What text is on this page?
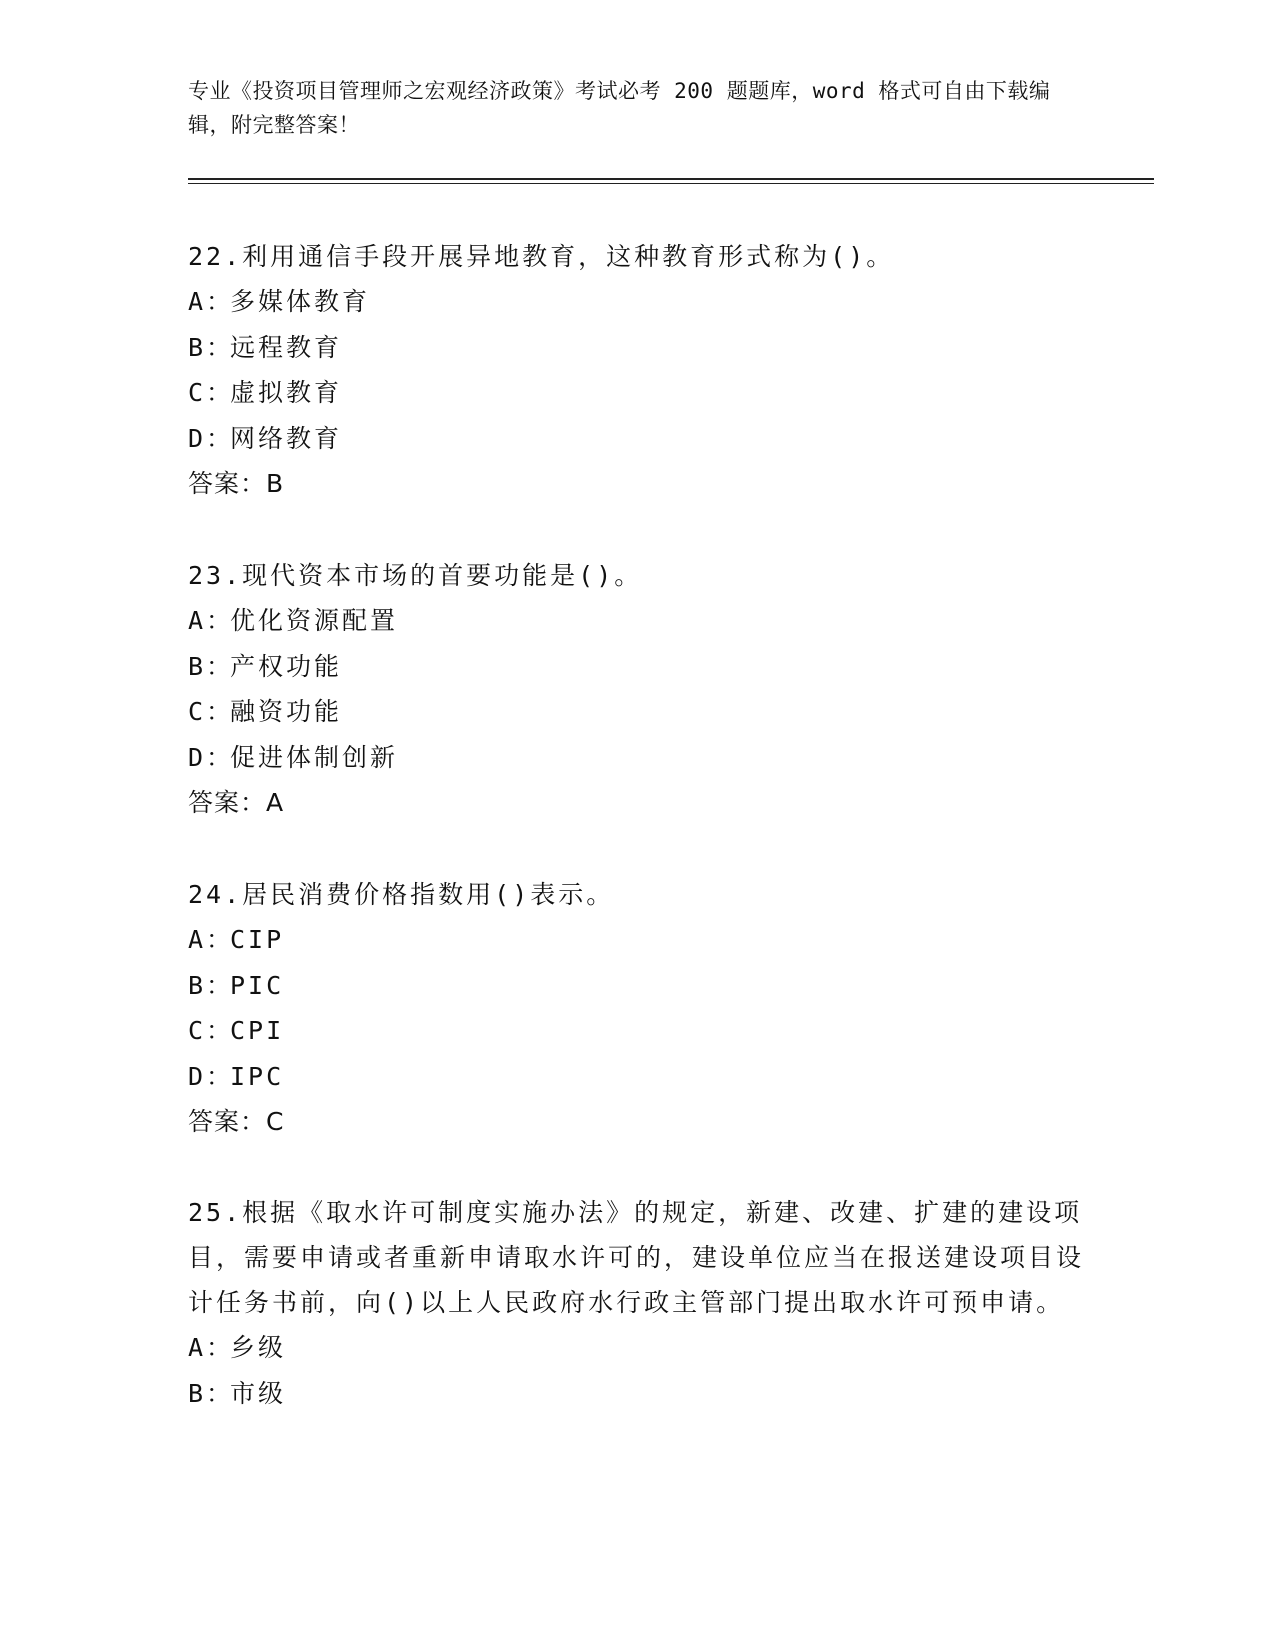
专业《投资项目管理师之宏观经济政策》考试必考 200 题题库，word 格式可自由下载编辑，附完整答案！
22.利用通信手段开展异地教育，这种教育形式称为()。
A：多媒体教育
B：远程教育
C：虚拟教育
D：网络教育
答案：B
23.现代资本市场的首要功能是()。
A：优化资源配置
B：产权功能
C：融资功能
D：促进体制创新
答案：A
24.居民消费价格指数用()表示。
A：CIP
B：PIC
C：CPI
D：IPC
答案：C
25.根据《取水许可制度实施办法》的规定，新建、改建、扩建的建设项目，需要申请或者重新申请取水许可的，建设单位应当在报送建设项目设计任务书前，向()以上人民政府水行政主管部门提出取水许可预申请。
A：乡级
B：市级
